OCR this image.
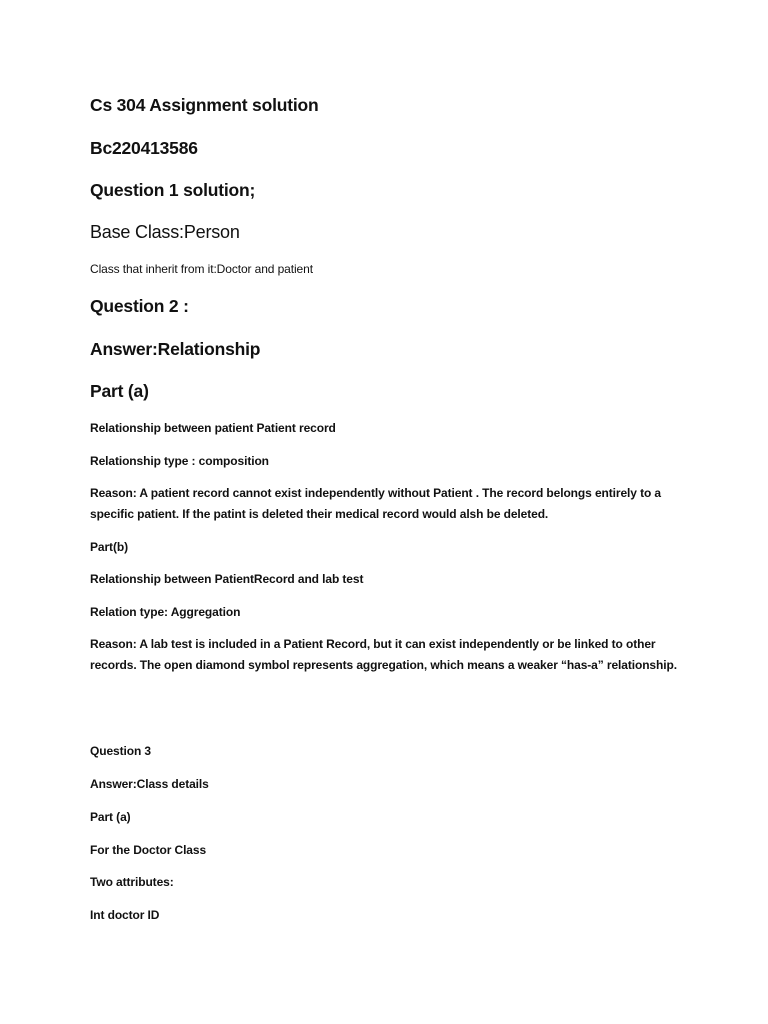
Cs 304 Assignment solution

Bc220413586

Question 1 solution;

Base Class:Person

Class that inherit from it:Doctor and patient

Question 2 :

Answer:Relationship

Part (a)

Relationship between patient Patient record

Relationship type : composition

Reason: A patient record cannot exist independently without Patient . The record belongs entirely to a specific patient. If the patint is deleted their medical record would alsh be deleted.

Part(b)

Relationship between PatientRecord and lab test

Relation type: Aggregation

Reason: A lab test is included in a Patient Record, but it can exist independently or be linked to other records. The open diamond symbol represents aggregation, which means a weaker “has-a” relationship.

Question 3

Answer:Class details

Part (a)

For the Doctor Class

Two attributes:

Int doctor ID
